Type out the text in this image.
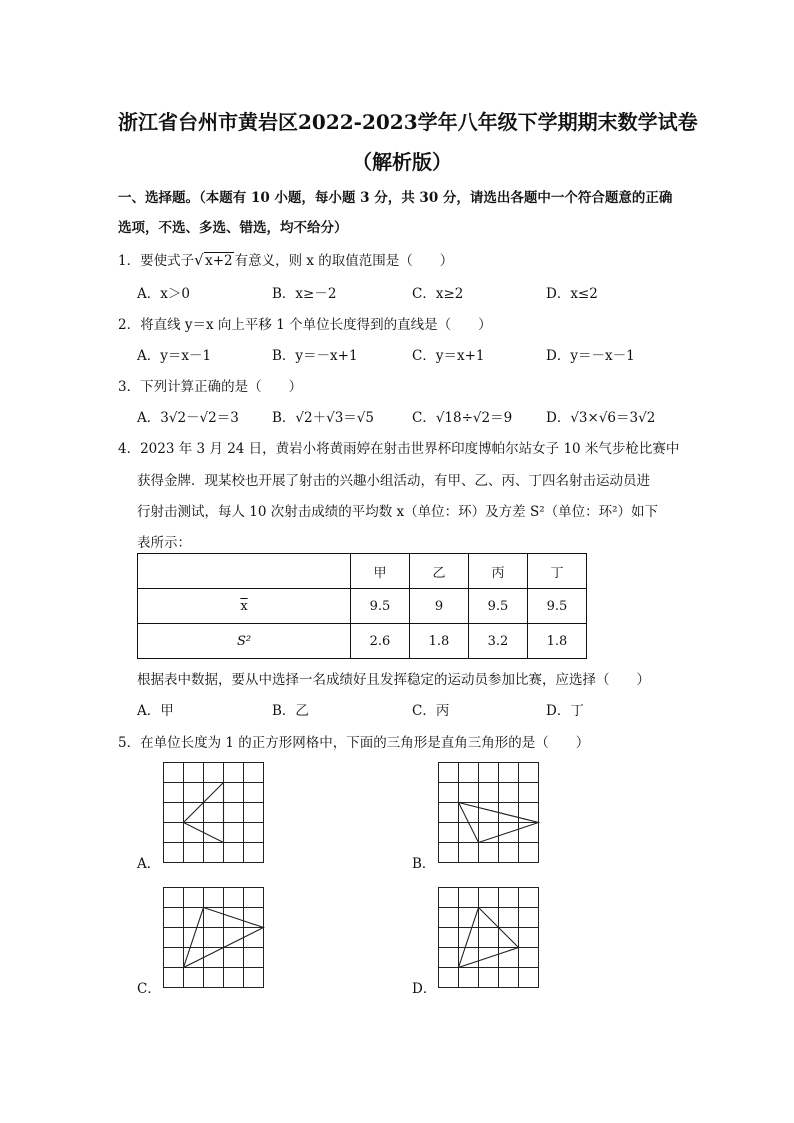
浙江省台州市黄岩区2022-2023学年八年级下学期期末数学试卷
（解析版）
一、选择题。（本题有 10 小题，每小题 3 分，共 30 分，请选出各题中一个符合题意的正确
选项，不选、多选、错选，均不给分）
1．要使式子 √ x+2 有意义，则 x 的取值范围是（　　）
A．x＞0	B．x≥－2	C．x≥2	D．x≤2
2．将直线 y＝x 向上平移 1 个单位长度得到的直线是（　　）
A．y＝x－1	B．y＝－x+1	C．y＝x+1	D．y＝－x－1
3．下列计算正确的是（　　）
A．3√2－√2＝3 B．√2＋√3＝√5	C．√18÷√2＝9	D．√3×√6＝3√2
4．2023 年 3 月 24 日，黄岩小将黄雨婷在射击世界杯印度博帕尔站女子 10 米气步枪比赛中
获得金牌．现某校也开展了射击的兴趣小组活动，有甲、乙、丙、丁四名射击运动员进
行射击测试，每人 10 次射击成绩的平均数 x（单位：环）及方差 S²（单位：环²）如下
表所示：
	甲	乙	丙	丁
$\overline{x}$	9.5	9	9.5	9.5
S²	2.6	1.8	3.2	1.8
根据表中数据，要从中选择一名成绩好且发挥稳定的运动员参加比赛，应选择（　　）
A．甲	B．乙	C．丙	D．丁
5．在单位长度为 1 的正方形网格中，下面的三角形是直角三角形的是（　　）
A．	B．
C．	D．
